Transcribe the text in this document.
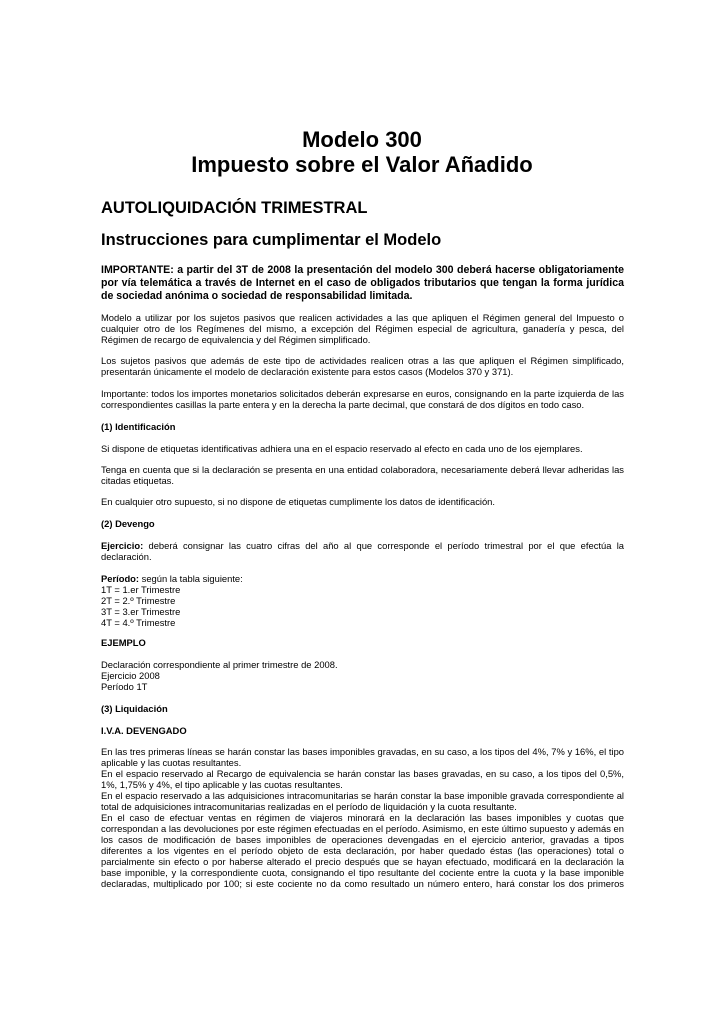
Modelo 300
Impuesto sobre el Valor Añadido
AUTOLIQUIDACIÓN TRIMESTRAL
Instrucciones para cumplimentar el Modelo
IMPORTANTE: a partir del 3T de 2008 la presentación del modelo 300 deberá hacerse obligatoriamente por vía telemática a través de Internet en el caso de obligados tributarios que tengan la forma jurídica de sociedad anónima o sociedad de responsabilidad limitada.
Modelo a utilizar por los sujetos pasivos que realicen actividades a las que apliquen el Régimen general del Impuesto o cualquier otro de los Regímenes del mismo, a excepción del Régimen especial de agricultura, ganadería y pesca, del Régimen de recargo de equivalencia y del Régimen simplificado.
Los sujetos pasivos que además de este tipo de actividades realicen otras a las que apliquen el Régimen simplificado, presentarán únicamente el modelo de declaración existente para estos casos (Modelos 370 y 371).
Importante: todos los importes monetarios solicitados deberán expresarse en euros, consignando en la parte izquierda de las correspondientes casillas la parte entera y en la derecha la parte decimal, que constará de dos dígitos en todo caso.
(1) Identificación
Si dispone de etiquetas identificativas adhiera una en el espacio reservado al efecto en cada uno de los ejemplares.
Tenga en cuenta que si la declaración se presenta en una entidad colaboradora, necesariamente deberá llevar adheridas las citadas etiquetas.
En cualquier otro supuesto, si no dispone de etiquetas cumplimente los datos de identificación.
(2) Devengo
Ejercicio: deberá consignar las cuatro cifras del año al que corresponde el período trimestral por el que efectúa la declaración.
Período: según la tabla siguiente:
1T = 1.er Trimestre
2T = 2.º Trimestre
3T = 3.er Trimestre
4T = 4.º Trimestre
EJEMPLO
Declaración correspondiente al primer trimestre de 2008.
Ejercicio 2008
Período 1T
(3) Liquidación
I.V.A. DEVENGADO
En las tres primeras líneas se harán constar las bases imponibles gravadas, en su caso, a los tipos del 4%, 7% y 16%, el tipo aplicable y las cuotas resultantes.
En el espacio reservado al Recargo de equivalencia se harán constar las bases gravadas, en su caso, a los tipos del 0,5%, 1%, 1,75% y 4%, el tipo aplicable y las cuotas resultantes.
En el espacio reservado a las adquisiciones intracomunitarias se harán constar la base imponible gravada correspondiente al total de adquisiciones intracomunitarias realizadas en el período de liquidación y la cuota resultante.
En el caso de efectuar ventas en régimen de viajeros minorará en la declaración las bases imponibles y cuotas que correspondan a las devoluciones por este régimen efectuadas en el período. Asimismo, en este último supuesto y además en los casos de modificación de bases imponibles de operaciones devengadas en el ejercicio anterior, gravadas a tipos diferentes a los vigentes en el período objeto de esta declaración, por haber quedado éstas (las operaciones) total o parcialmente sin efecto o por haberse alterado el precio después que se hayan efectuado, modificará en la declaración la base imponible, y la correspondiente cuota, consignando el tipo resultante del cociente entre la cuota y la base imponible declaradas, multiplicado por 100; si este cociente no da como resultado un número entero, hará constar los dos primeros
